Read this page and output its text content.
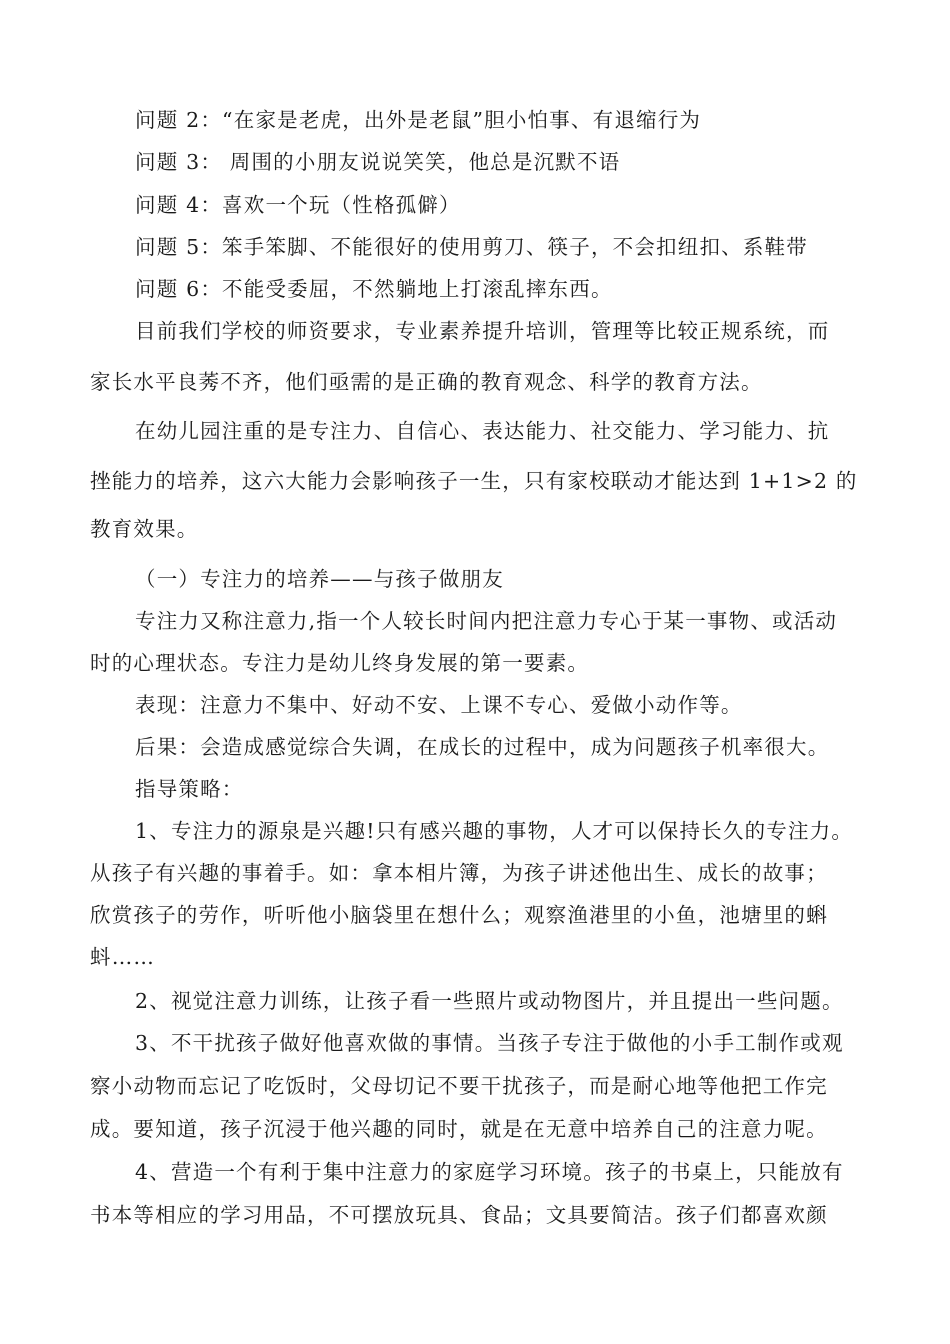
问题 2：“在家是老虎，出外是老鼠”胆小怕事、有退缩行为
问题 3： 周围的小朋友说说笑笑，他总是沉默不语
问题 4：喜欢一个玩（性格孤僻）
问题 5：笨手笨脚、不能很好的使用剪刀、筷子，不会扣纽扣、系鞋带
问题 6：不能受委屈，不然躺地上打滚乱摔东西。
目前我们学校的师资要求，专业素养提升培训，管理等比较正规系统，而
家长水平良莠不齐，他们亟需的是正确的教育观念、科学的教育方法。
在幼儿园注重的是专注力、自信心、表达能力、社交能力、学习能力、抗
挫能力的培养，这六大能力会影响孩子一生，只有家校联动才能达到 1+1>2 的
教育效果。
（一）专注力的培养——与孩子做朋友
专注力又称注意力,指一个人较长时间内把注意力专心于某一事物、或活动
时的心理状态。专注力是幼儿终身发展的第一要素。
表现：注意力不集中、好动不安、上课不专心、爱做小动作等。
后果：会造成感觉综合失调，在成长的过程中，成为问题孩子机率很大。
指导策略：
1、专注力的源泉是兴趣!只有感兴趣的事物，人才可以保持长久的专注力。
从孩子有兴趣的事着手。如：拿本相片簿，为孩子讲述他出生、成长的故事；
欣赏孩子的劳作，听听他小脑袋里在想什么；观察渔港里的小鱼，池塘里的蝌
蚪……
2、视觉注意力训练，让孩子看一些照片或动物图片，并且提出一些问题。
3、不干扰孩子做好他喜欢做的事情。当孩子专注于做他的小手工制作或观
察小动物而忘记了吃饭时，父母切记不要干扰孩子，而是耐心地等他把工作完
成。要知道，孩子沉浸于他兴趣的同时，就是在无意中培养自己的注意力呢。
4、营造一个有利于集中注意力的家庭学习环境。孩子的书桌上，只能放有
书本等相应的学习用品，不可摆放玩具、食品；文具要简洁。孩子们都喜欢颜
